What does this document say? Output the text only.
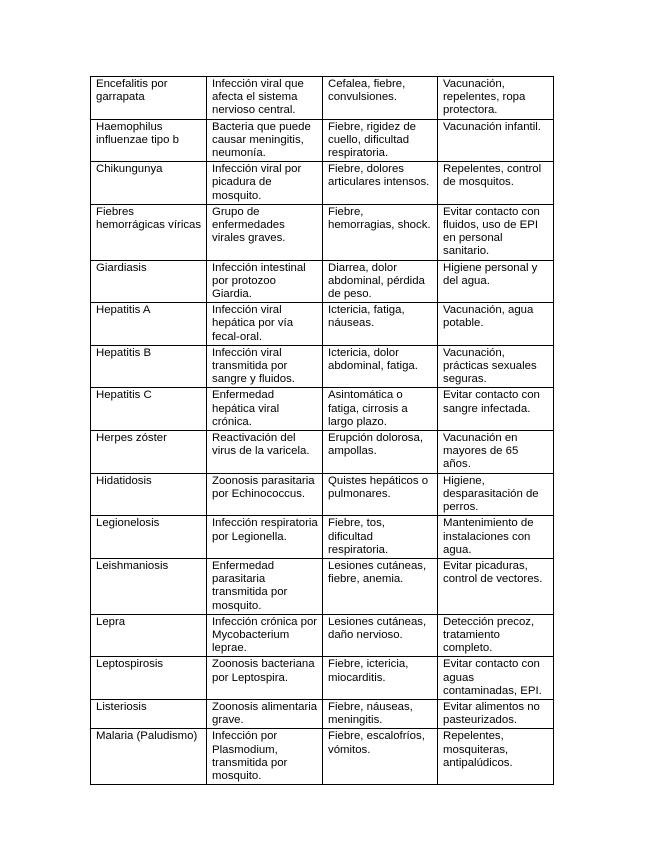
Encefalitis por garrapata	Infección viral que afecta el sistema nervioso central.	Cefalea, fiebre, convulsiones.	Vacunación, repelentes, ropa protectora.
Haemophilus influenzae tipo b	Bacteria que puede causar meningitis, neumonía.	Fiebre, rigidez de cuello, dificultad respiratoria.	Vacunación infantil.
Chikungunya	Infección viral por picadura de mosquito.	Fiebre, dolores articulares intensos.	Repelentes, control de mosquitos.
Fiebres hemorrágicas víricas	Grupo de enfermedades virales graves.	Fiebre, hemorragias, shock.	Evitar contacto con fluidos, uso de EPI en personal sanitario.
Giardiasis	Infección intestinal por protozoo Giardia.	Diarrea, dolor abdominal, pérdida de peso.	Higiene personal y del agua.
Hepatitis A	Infección viral hepática por vía fecal-oral.	Ictericia, fatiga, náuseas.	Vacunación, agua potable.
Hepatitis B	Infección viral transmitida por sangre y fluidos.	Ictericia, dolor abdominal, fatiga.	Vacunación, prácticas sexuales seguras.
Hepatitis C	Enfermedad hepática viral crónica.	Asintomática o fatiga, cirrosis a largo plazo.	Evitar contacto con sangre infectada.
Herpes zóster	Reactivación del virus de la varicela.	Erupción dolorosa, ampollas.	Vacunación en mayores de 65 años.
Hidatidosis	Zoonosis parasitaria por Echinococcus.	Quistes hepáticos o pulmonares.	Higiene, desparasitación de perros.
Legionelosis	Infección respiratoria por Legionella.	Fiebre, tos, dificultad respiratoria.	Mantenimiento de instalaciones con agua.
Leishmaniosis	Enfermedad parasitaria transmitida por mosquito.	Lesiones cutáneas, fiebre, anemia.	Evitar picaduras, control de vectores.
Lepra	Infección crónica por Mycobacterium leprae.	Lesiones cutáneas, daño nervioso.	Detección precoz, tratamiento completo.
Leptospirosis	Zoonosis bacteriana por Leptospira.	Fiebre, ictericia, miocarditis.	Evitar contacto con aguas contaminadas, EPI.
Listeriosis	Zoonosis alimentaria grave.	Fiebre, náuseas, meningitis.	Evitar alimentos no pasteurizados.
Malaria (Paludismo)	Infección por Plasmodium, transmitida por mosquito.	Fiebre, escalofríos, vómitos.	Repelentes, mosquiteras, antipalúdicos.
